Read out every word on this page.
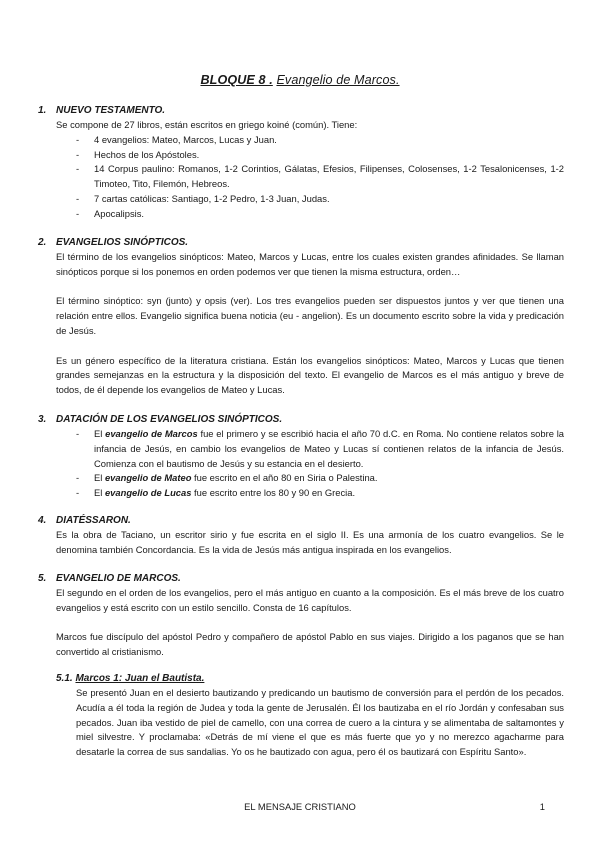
BLOQUE 8 . Evangelio de Marcos.
1. NUEVO TESTAMENTO.

Se compone de 27 libros, están escritos en griego koiné (común). Tiene:

-	4 evangelios: Mateo, Marcos, Lucas y Juan.
-	Hechos de los Apóstoles.
-	14 Corpus paulino: Romanos, 1-2 Corintios, Gálatas, Efesios, Filipenses, Colosenses, 1-2 Tesalonicenses, 1-2 Timoteo, Tito, Filemón, Hebreos.
-	7 cartas católicas: Santiago, 1-2 Pedro, 1-3 Juan, Judas.
-	Apocalipsis.
2. EVANGELIOS SINÓPTICOS.

El término de los evangelios sinópticos: Mateo, Marcos y Lucas, entre los cuales existen grandes afinidades. Se llaman sinópticos porque si los ponemos en orden podemos ver que tienen la misma estructura, orden…

El término sinóptico: syn (junto) y opsis (ver). Los tres evangelios pueden ser dispuestos juntos y ver que tienen una relación entre ellos. Evangelio significa buena noticia (eu - angelion). Es un documento escrito sobre la vida y predicación de Jesús.

Es un género específico de la literatura cristiana. Están los evangelios sinópticos: Mateo, Marcos y Lucas que tienen grandes semejanzas en la estructura y la disposición del texto. El evangelio de Marcos es el más antiguo y breve de todos, de él depende los evangelios de Mateo y Lucas.

3. DATACIÓN DE LOS EVANGELIOS SINÓPTICOS.
-	El evangelio de Marcos fue el primero y se escribió hacia el año 70 d.C. en Roma. No contiene relatos sobre la infancia de Jesús, en cambio los evangelios de Mateo y Lucas sí contienen relatos de la infancia de Jesús. Comienza con el bautismo de Jesús y su estancia en el desierto.
-	El evangelio de Mateo fue escrito en el año 80 en Siria o Palestina.
-	El evangelio de Lucas fue escrito entre los 80 y 90 en Grecia.
4. DIATÉSSARON.

Es la obra de Taciano, un escritor sirio y fue escrita en el siglo II. Es una armonía de los cuatro evangelios. Se le denomina también Concordancia. Es la vida de Jesús más antigua inspirada en los evangelios.

5. EVANGELIO DE MARCOS.

El segundo en el orden de los evangelios, pero el más antiguo en cuanto a la composición. Es el más breve de los cuatro evangelios y está escrito con un estilo sencillo. Consta de 16 capítulos.

Marcos fue discípulo del apóstol Pedro y compañero de apóstol Pablo en sus viajes. Dirigido a los paganos que se han convertido al cristianismo.

5.1. Marcos 1: Juan el Bautista.

Se presentó Juan en el desierto bautizando y predicando un bautismo de conversión para el perdón de los pecados. Acudía a él toda la región de Judea y toda la gente de Jerusalén. Él los bautizaba en el río Jordán y confesaban sus pecados. Juan iba vestido de piel de camello, con una correa de cuero a la cintura y se alimentaba de saltamontes y miel silvestre. Y proclamaba: «Detrás de mí viene el que es más fuerte que yo y no merezco agacharme para desatarle la correa de sus sandalias. Yo os he bautizado con agua, pero él os bautizará con Espíritu Santo».

EL MENSAJE CRISTIANO	1
